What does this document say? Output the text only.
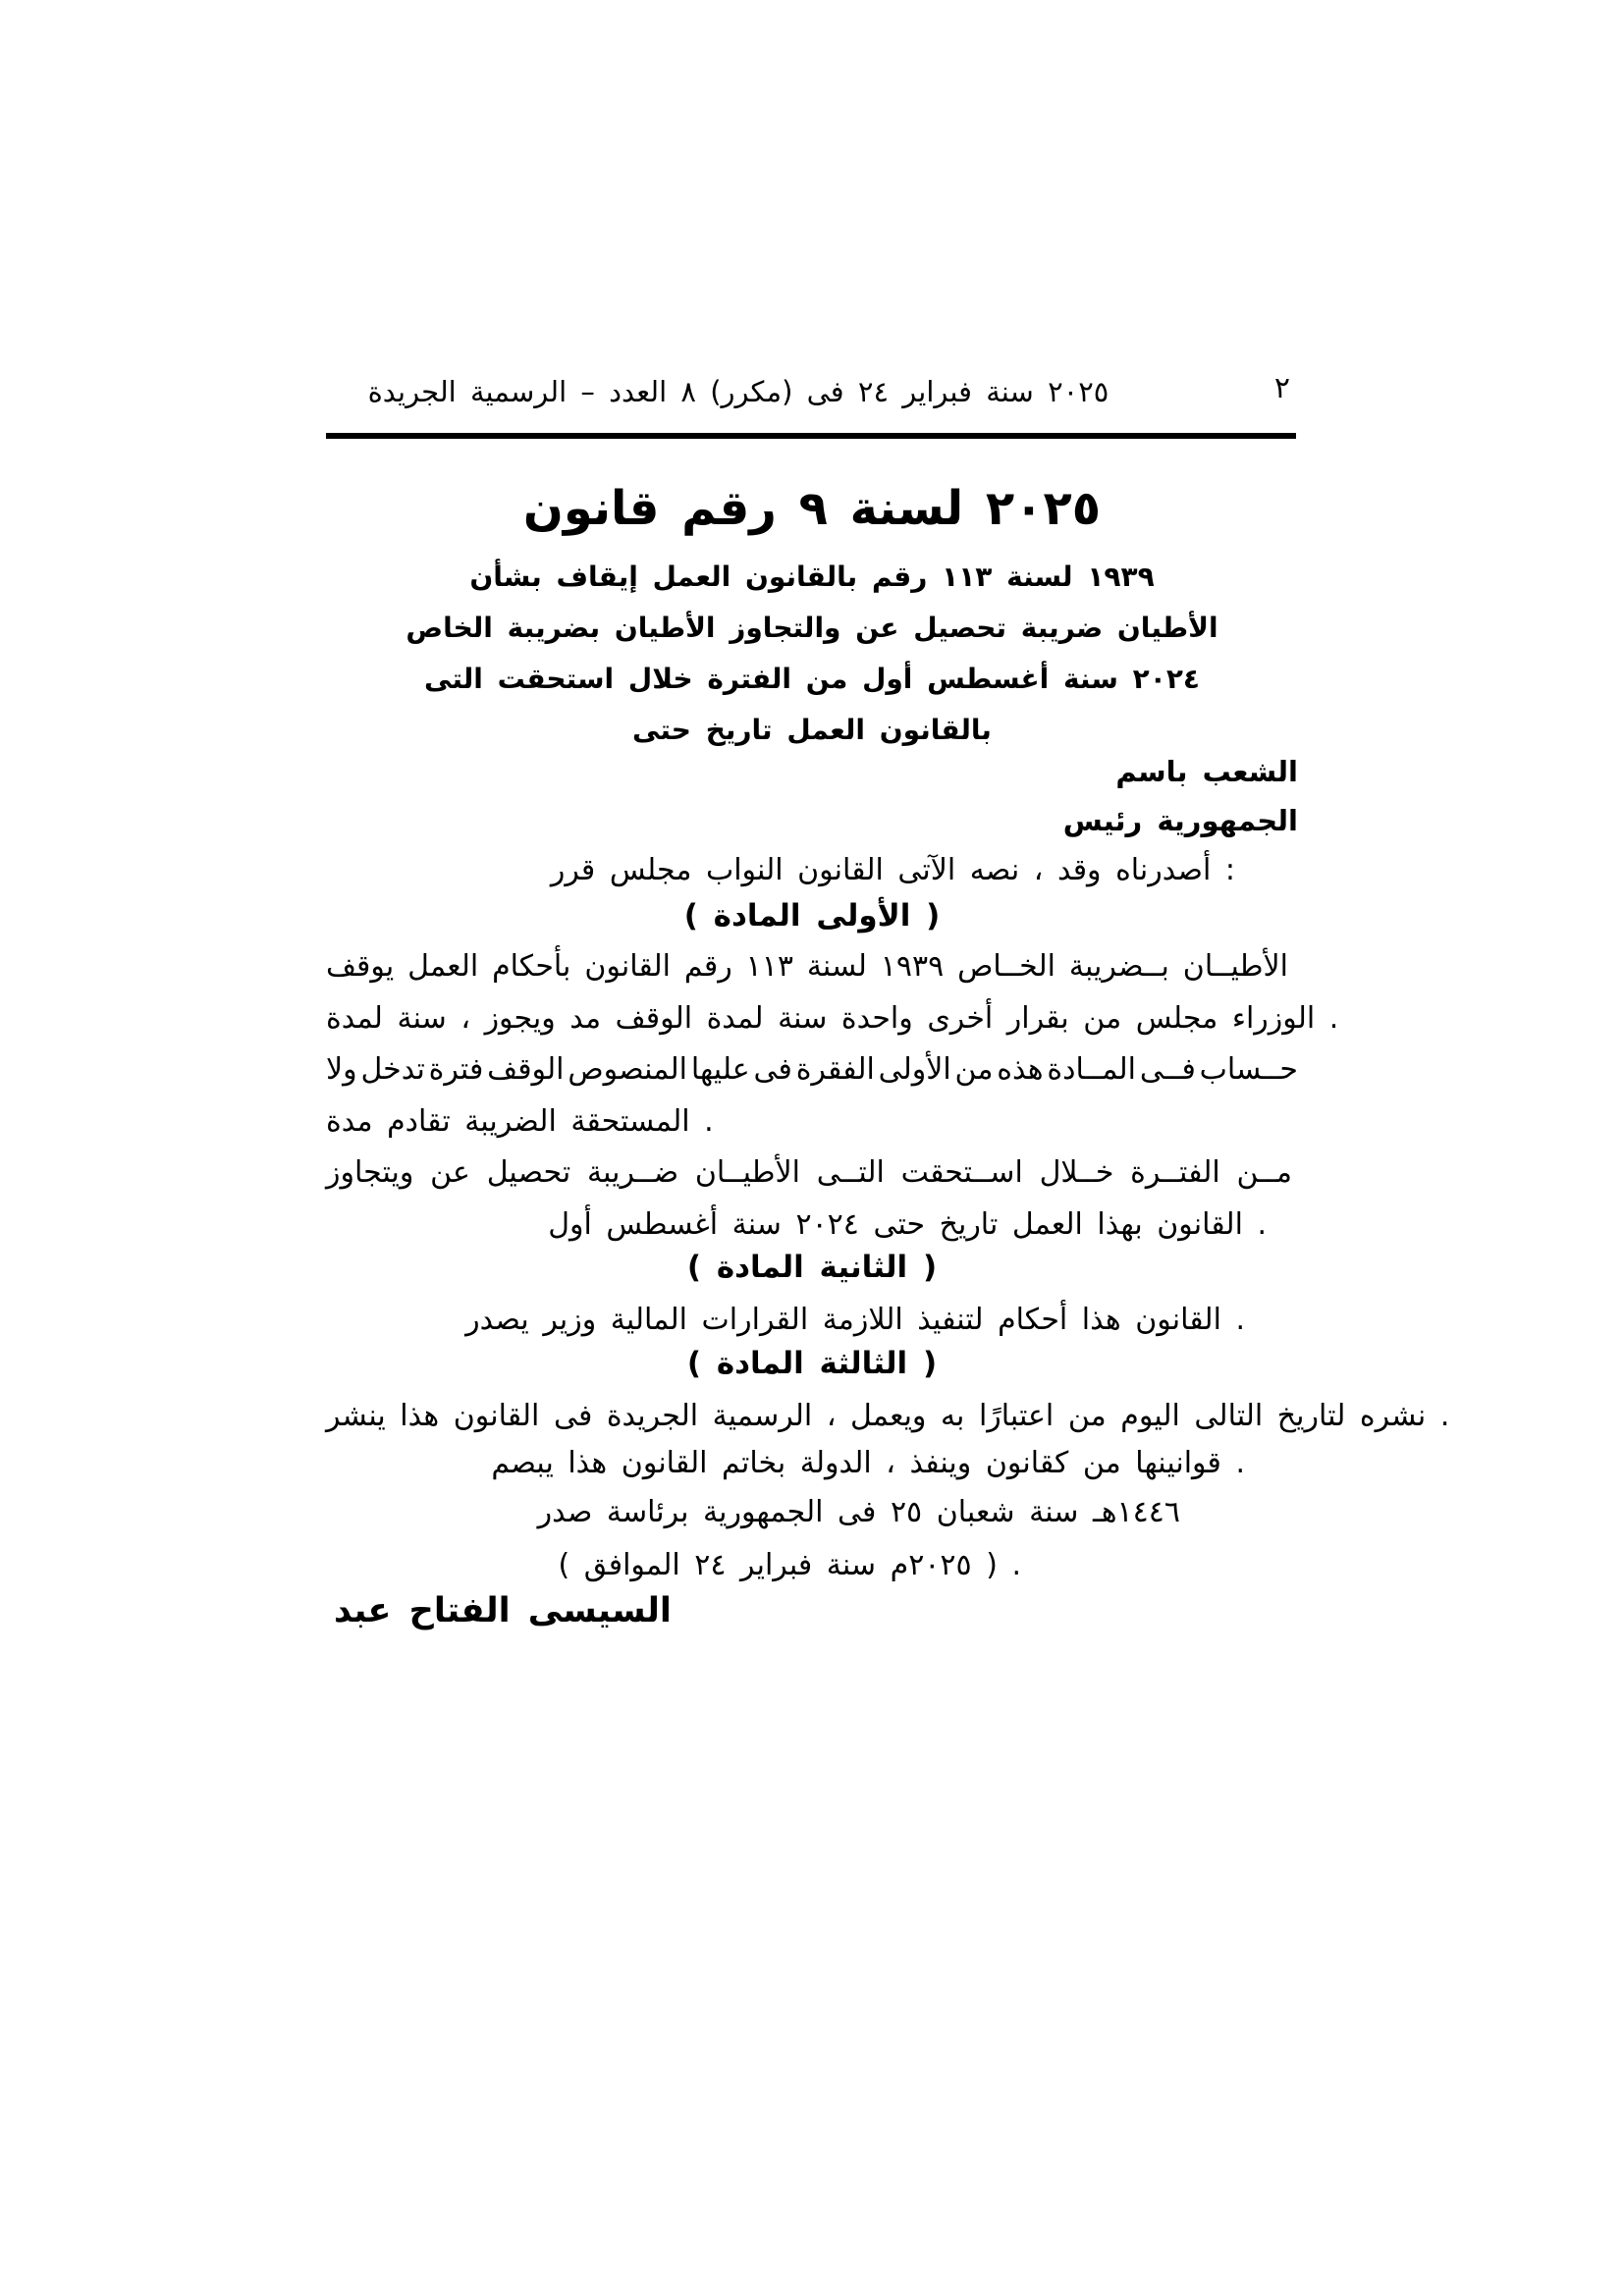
الجريدة الرسمية – العدد ٨ (مكرر) فى ٢٤ فبراير سنة ٢٠٢٥	٢
قانون رقم ٩ لسنة ٢٠٢٥
بشأن إيقاف العمل بالقانون رقم ١١٣ لسنة ١٩٣٩
الخاص بضريبة الأطيان والتجاوز عن تحصيل ضريبة الأطيان
التى استحقت خلال الفترة من أول أغسطس سنة ٢٠٢٤
حتى تاريخ العمل بالقانون
باسم الشعب
رئيس الجمهورية
قرر مجلس النواب القانون الآتى نصه ، وقد أصدرناه :
( المادة الأولى )
يوقف العمل بأحكام القانون رقم ١١٣ لسنة ١٩٣٩ الخــاص بــضريبة الأطيــان
لمدة سنة ، ويجوز مد الوقف لمدة سنة واحدة أخرى بقرار من مجلس الوزراء .
ولا تدخل فترة الوقف المنصوص عليها فى الفقرة الأولى من هذه المــادة فــى حــساب
مدة تقادم الضريبة المستحقة .
ويتجاوز عن تحصيل ضــريبة الأطيــان التــى اســتحقت خــلال الفتــرة مــن
أول أغسطس سنة ٢٠٢٤ حتى تاريخ العمل بهذا القانون .
( المادة الثانية )
يصدر وزير المالية القرارات اللازمة لتنفيذ أحكام هذا القانون .
( المادة الثالثة )
ينشر هذا القانون فى الجريدة الرسمية ، ويعمل به اعتبارًا من اليوم التالى لتاريخ نشره .
يبصم هذا القانون بخاتم الدولة ، وينفذ كقانون من قوانينها .
صدر برئاسة الجمهورية فى ٢٥ شعبان سنة ١٤٤٦هـ
( الموافق ٢٤ فبراير سنة ٢٠٢٥م ) .
عبد الفتاح السيسى
